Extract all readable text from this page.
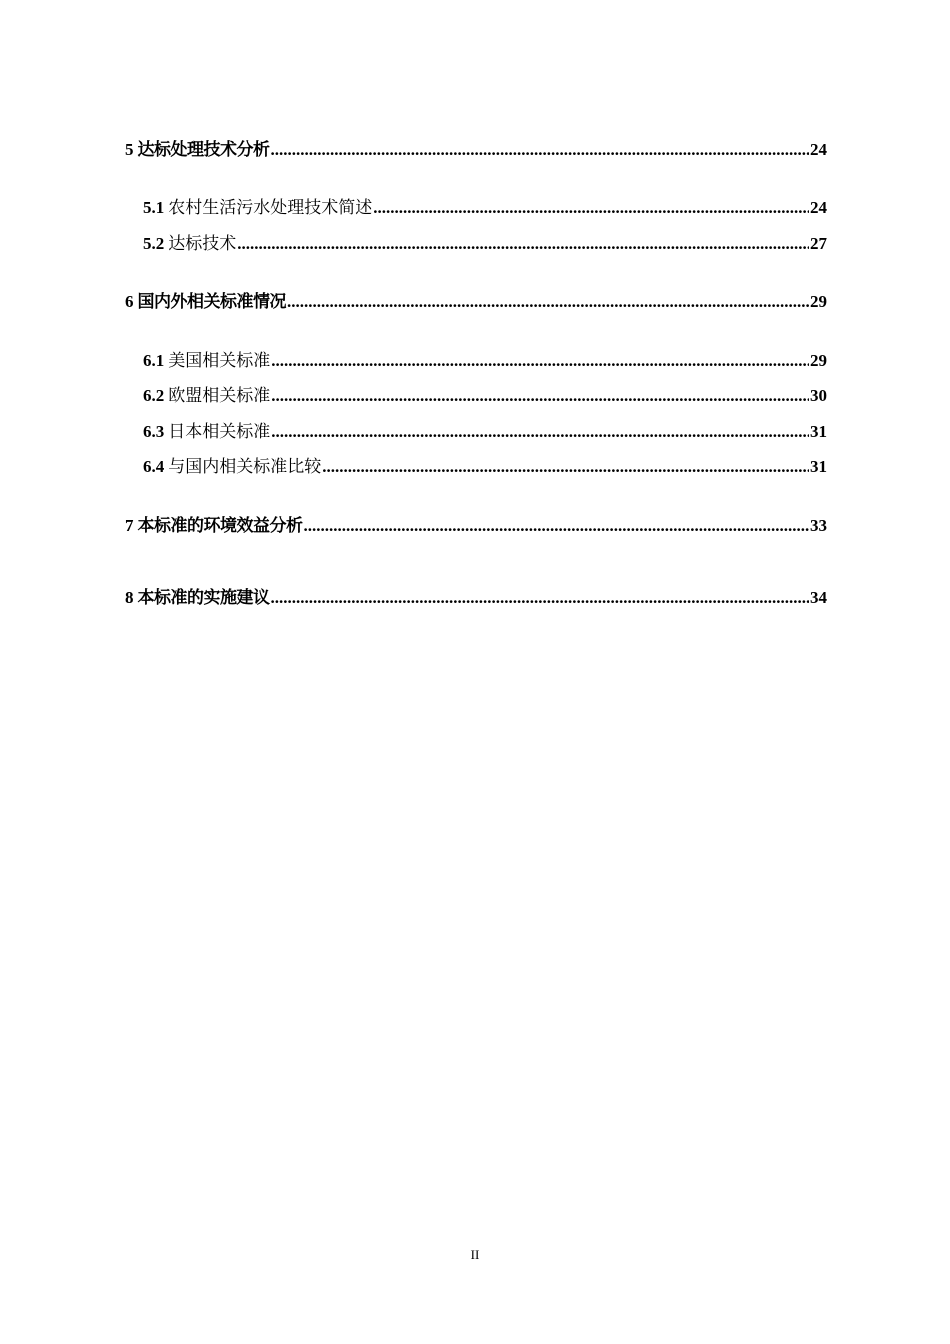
5 达标处理技术分析 .....	24
5.1 农村生活污水处理技术简述 .....	24
5.2 达标技术 .....	27
6 国内外相关标准情况 .....	29
6.1 美国相关标准 .....	29
6.2 欧盟相关标准 .....	30
6.3 日本相关标准 .....	31
6.4 与国内相关标准比较 .....	31
7 本标准的环境效益分析 .....	33
8 本标准的实施建议 .....	34
II
